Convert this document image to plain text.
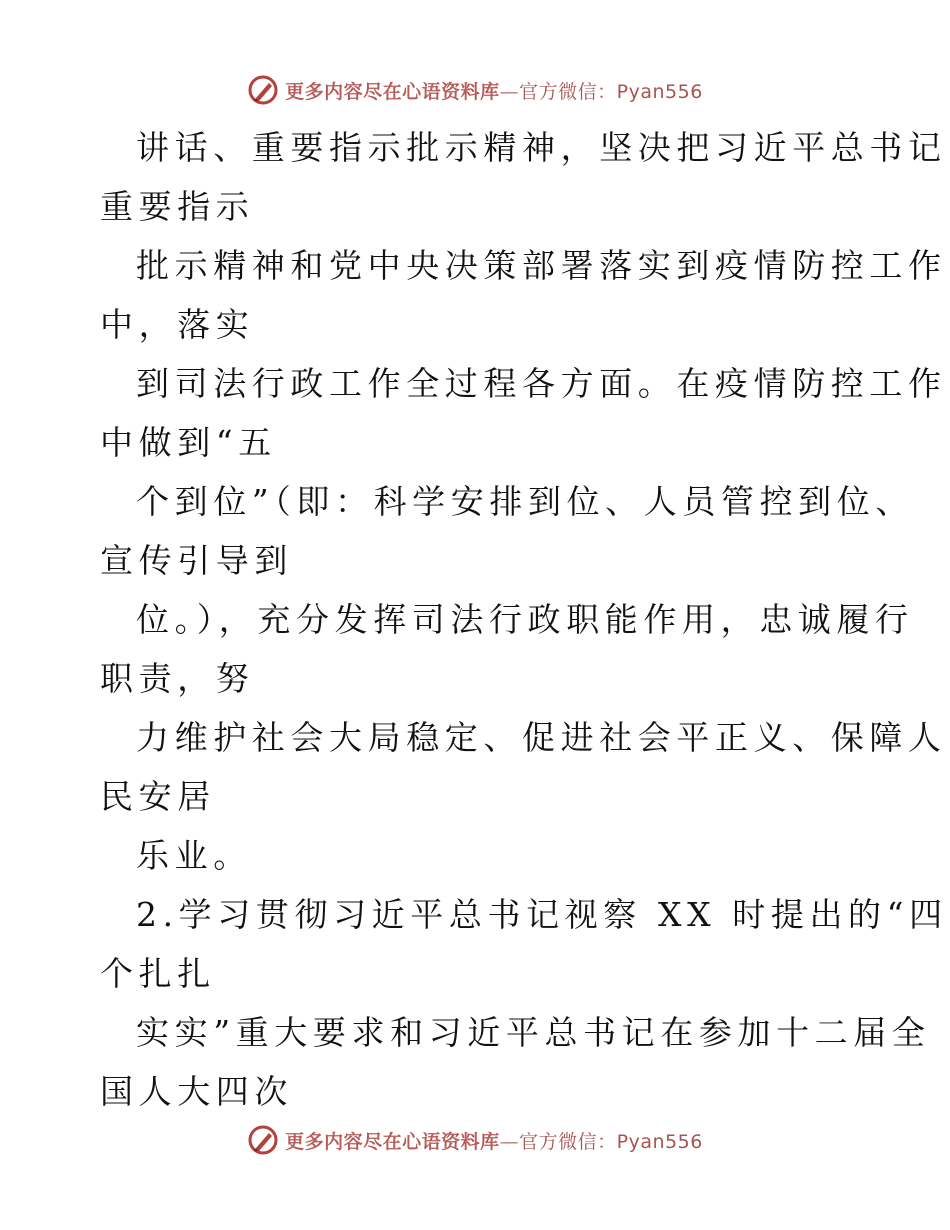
更多内容尽在心语资料库—官方微信：Pyan556
讲话、重要指示批示精神，坚决把习近平总书记
重要指示
批示精神和党中央决策部署落实到疫情防控工作
中，落实
到司法行政工作全过程各方面。在疫情防控工作
中做到“五
个到位”（即：科学安排到位、人员管控到位、
宣传引导到
位。），充分发挥司法行政职能作用，忠诚履行
职责，努
力维护社会大局稳定、促进社会平正义、保障人
民安居
乐业。
2.学习贯彻习近平总书记视察 XX 时提出的“四
个扎扎
实实”重大要求和习近平总书记在参加十二届全
国人大四次
更多内容尽在心语资料库—官方微信：Pyan556
